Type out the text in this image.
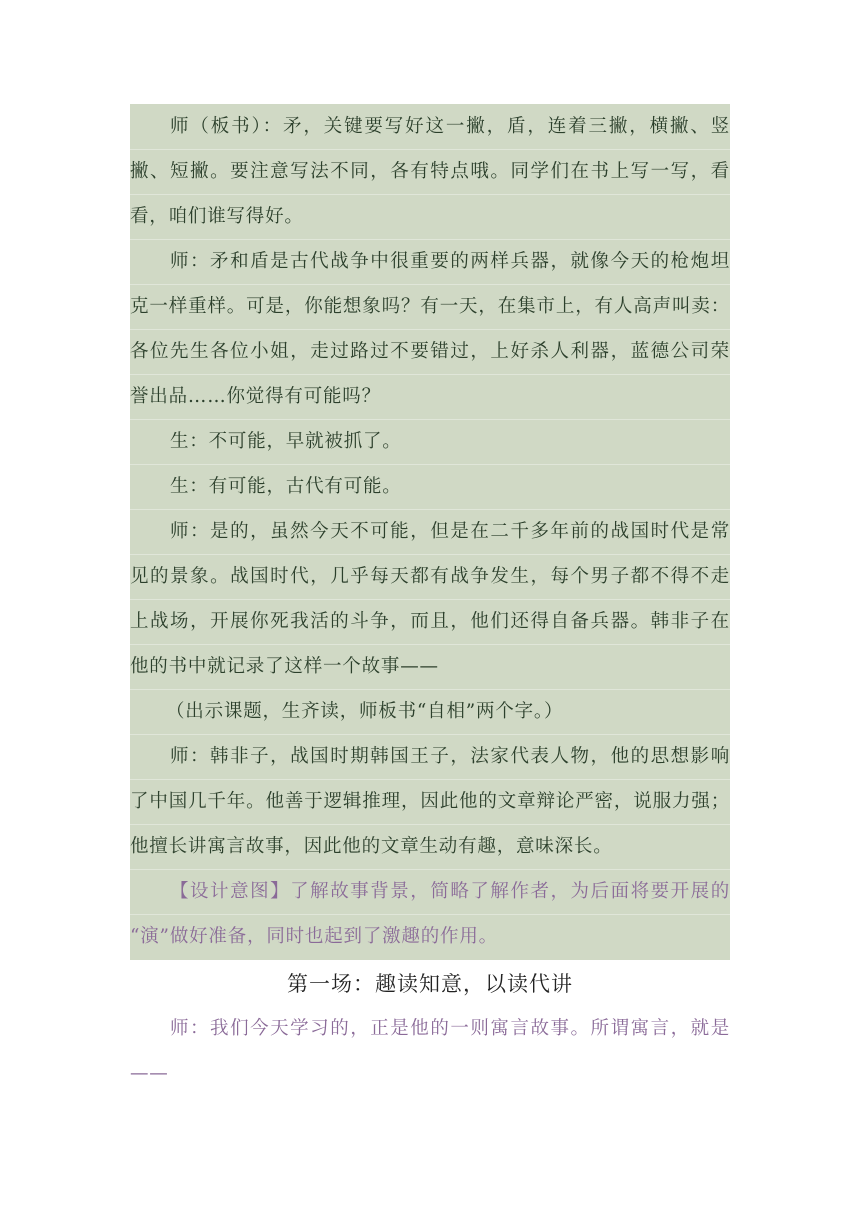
师（板书）：矛，关键要写好这一撇，盾，连着三撇，横撇、竖
撇、短撇。要注意写法不同，各有特点哦。同学们在书上写一写，看
看，咱们谁写得好。
师：矛和盾是古代战争中很重要的两样兵器，就像今天的枪炮坦
克一样重样。可是，你能想象吗？有一天，在集市上，有人高声叫卖：
各位先生各位小姐，走过路过不要错过，上好杀人利器，蓝德公司荣
誉出品……你觉得有可能吗？
生：不可能，早就被抓了。
生：有可能，古代有可能。
师：是的，虽然今天不可能，但是在二千多年前的战国时代是常
见的景象。战国时代，几乎每天都有战争发生，每个男子都不得不走
上战场，开展你死我活的斗争，而且，他们还得自备兵器。韩非子在
他的书中就记录了这样一个故事——
（出示课题，生齐读，师板书“自相”两个字。）
师：韩非子，战国时期韩国王子，法家代表人物，他的思想影响
了中国几千年。他善于逻辑推理，因此他的文章辩论严密，说服力强；
他擅长讲寓言故事，因此他的文章生动有趣，意味深长。
【设计意图】了解故事背景，简略了解作者，为后面将要开展的
“演”做好准备，同时也起到了激趣的作用。
第一场：趣读知意，以读代讲
师：我们今天学习的，正是他的一则寓言故事。所谓寓言，就是
——
